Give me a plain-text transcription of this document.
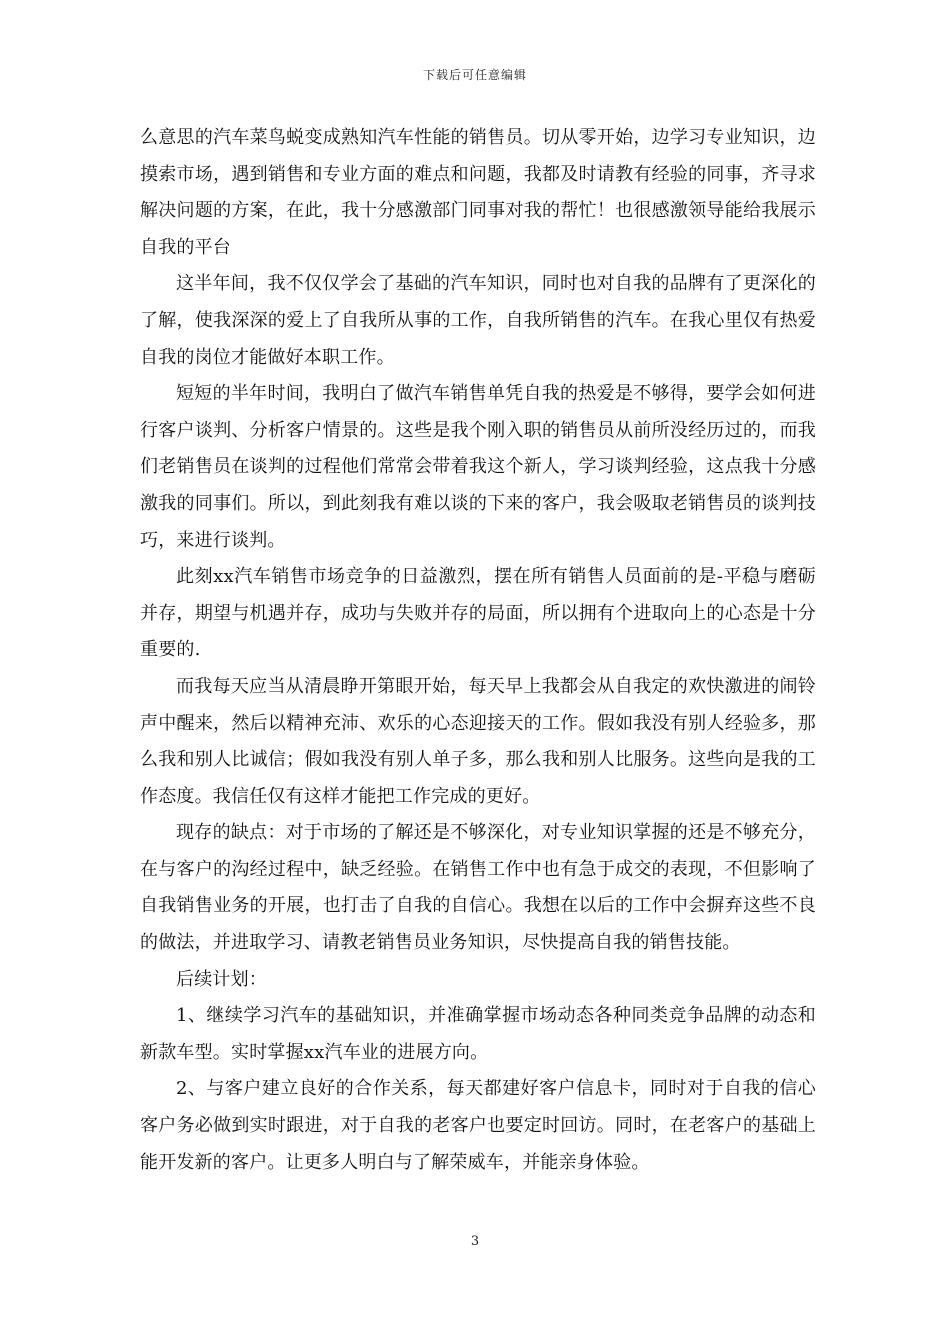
下载后可任意编辑

么意思的汽车菜鸟蜕变成熟知汽车性能的销售员。切从零开始，边学习专业知识，边摸索市场，遇到销售和专业方面的难点和问题，我都及时请教有经验的同事，齐寻求解决问题的方案，在此，我十分感激部门同事对我的帮忙！也很感激领导能给我展示自我的平台

这半年间，我不仅仅学会了基础的汽车知识，同时也对自我的品牌有了更深化的了解，使我深深的爱上了自我所从事的工作，自我所销售的汽车。在我心里仅有热爱自我的岗位才能做好本职工作。

短短的半年时间，我明白了做汽车销售单凭自我的热爱是不够得，要学会如何进行客户谈判、分析客户情景的。这些是我个刚入职的销售员从前所没经历过的，而我们老销售员在谈判的过程他们常常会带着我这个新人，学习谈判经验，这点我十分感激我的同事们。所以，到此刻我有难以谈的下来的客户，我会吸取老销售员的谈判技巧，来进行谈判。

此刻xx汽车销售市场竞争的日益激烈，摆在所有销售人员面前的是-平稳与磨砺并存，期望与机遇并存，成功与失败并存的局面，所以拥有个进取向上的心态是十分重要的.

而我每天应当从清晨睁开第眼开始，每天早上我都会从自我定的欢快激进的闹铃声中醒来，然后以精神充沛、欢乐的心态迎接天的工作。假如我没有别人经验多，那么我和别人比诚信；假如我没有别人单子多，那么我和别人比服务。这些向是我的工作态度。我信任仅有这样才能把工作完成的更好。

现存的缺点：对于市场的了解还是不够深化，对专业知识掌握的还是不够充分，在与客户的沟经过程中，缺乏经验。在销售工作中也有急于成交的表现，不但影响了自我销售业务的开展，也打击了自我的自信心。我想在以后的工作中会摒弃这些不良的做法，并进取学习、请教老销售员业务知识，尽快提高自我的销售技能。

后续计划：

1、继续学习汽车的基础知识，并准确掌握市场动态各种同类竞争品牌的动态和新款车型。实时掌握xx汽车业的进展方向。

2、与客户建立良好的合作关系，每天都建好客户信息卡，同时对于自我的信心客户务必做到实时跟进，对于自我的老客户也要定时回访。同时，在老客户的基础上能开发新的客户。让更多人明白与了解荣威车，并能亲身体验。

3
